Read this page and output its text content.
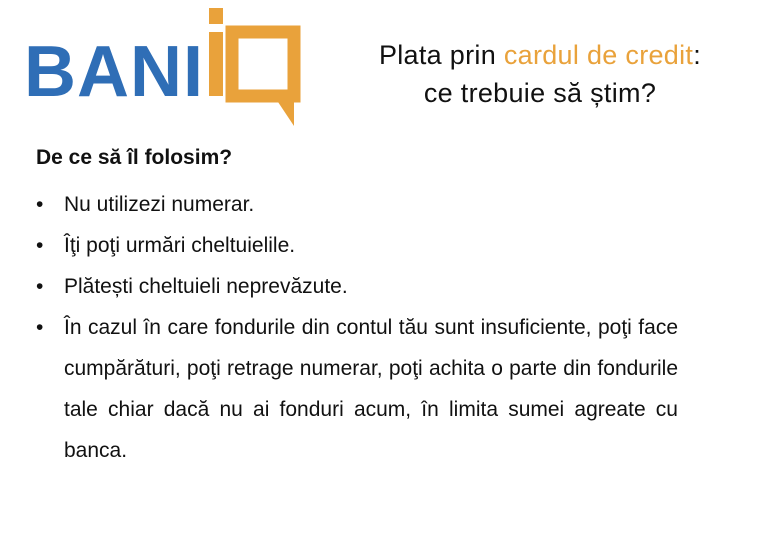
BANI	Plata prin cardul de credit:
ce trebuie să știm?
De ce să îl folosim?
• Nu utilizezi numerar.
• Îţi poţi urmări cheltuielile.
• Plătești cheltuieli neprevăzute.
• În cazul în care fondurile din contul tău sunt insuficiente, poţi face cumpărături, poţi retrage numerar, poţi achita o parte din fondurile tale chiar dacă nu ai fonduri acum, în limita sumei agreate cu banca.
